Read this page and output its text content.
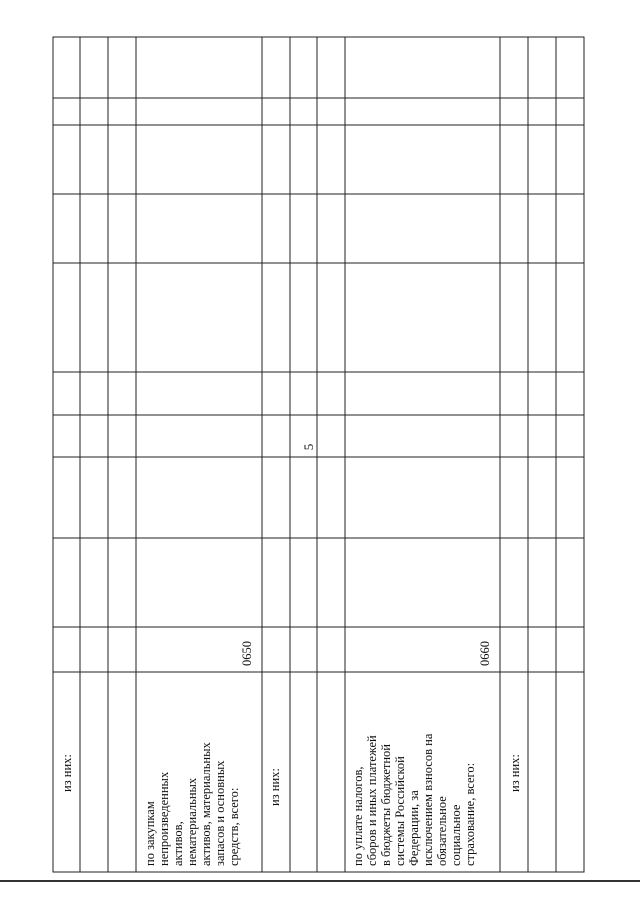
5
из них:
по закупкам непроизведенных активов, нематериальных активов, материальных запасов и основных средств, всего:
0650
из них:	по уплате налогов, сборов и иных платежей в бюджеты бюджетной системы Российской Федерации, за исключением взносов на обязательное социальное страхование, всего:
0660
из них:
